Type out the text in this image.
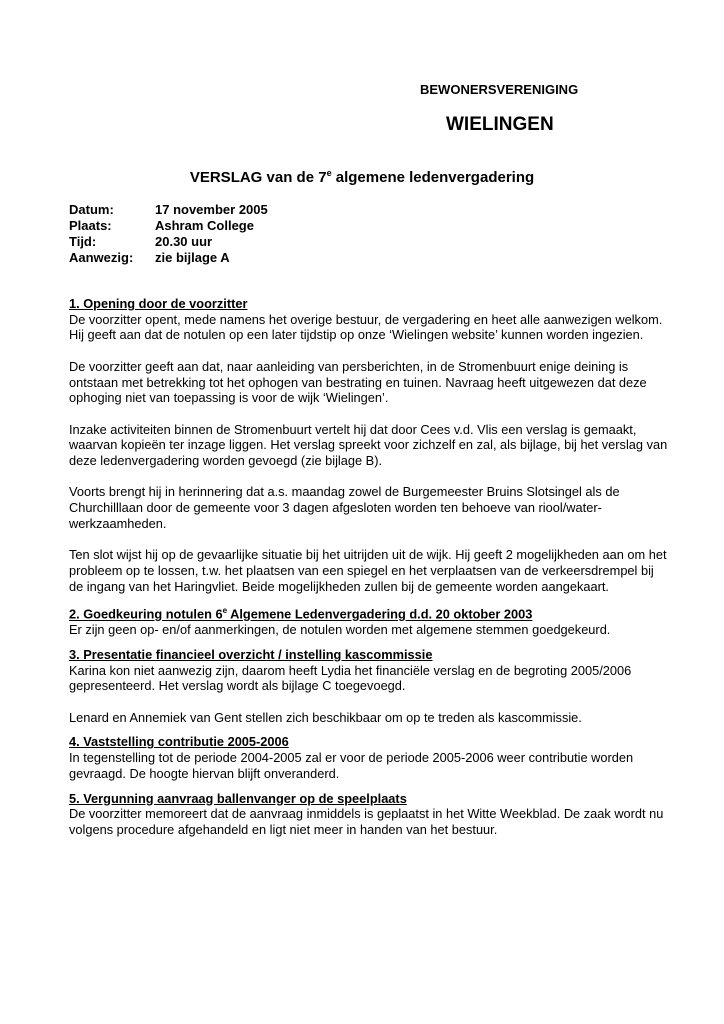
BEWONERSVERENIGING
WIELINGEN
VERSLAG van de 7e algemene ledenvergadering
Datum:	17 november 2005
Plaats:	Ashram College
Tijd:	20.30 uur
Aanwezig:	zie bijlage A
1. Opening door de voorzitter

De voorzitter opent, mede namens het overige bestuur, de vergadering en heet alle aanwezigen welkom. Hij geeft aan dat de notulen op een later tijdstip op onze ‘Wielingen website’ kunnen worden ingezien.

De voorzitter geeft aan dat, naar aanleiding van persberichten, in de Stromenbuurt enige deining is ontstaan met betrekking tot het ophogen van bestrating en tuinen. Navraag heeft uitgewezen dat deze ophoging niet van toepassing is voor de wijk ‘Wielingen’.

Inzake activiteiten binnen de Stromenbuurt vertelt hij dat door Cees v.d. Vlis een verslag is gemaakt, waarvan kopieën ter inzage liggen. Het verslag spreekt voor zichzelf en zal, als bijlage, bij het verslag van deze ledenvergadering worden gevoegd (zie bijlage B).

Voorts brengt hij in herinnering dat a.s. maandag zowel de Burgemeester Bruins Slotsingel als de Churchilllaan door de gemeente voor 3 dagen afgesloten worden ten behoeve van riool/water-werkzaamheden.

Ten slot wijst hij op de gevaarlijke situatie bij het uitrijden uit de wijk. Hij geeft 2 mogelijkheden aan om het probleem op te lossen, t.w. het plaatsen van een spiegel en het verplaatsen van de verkeersdrempel bij de ingang van het Haringvliet. Beide mogelijkheden zullen bij de gemeente worden aangekaart.

2. Goedkeuring notulen 6e Algemene Ledenvergadering d.d. 20 oktober 2003

Er zijn geen op- en/of aanmerkingen, de notulen worden met algemene stemmen goedgekeurd.

3. Presentatie financieel overzicht / instelling kascommissie

Karina kon niet aanwezig zijn, daarom heeft Lydia het financiële verslag en de begroting 2005/2006 gepresenteerd. Het verslag wordt als bijlage C toegevoegd.

Lenard en Annemiek van Gent stellen zich beschikbaar om op te treden als kascommissie.

4. Vaststelling contributie 2005-2006

In tegenstelling tot de periode 2004-2005 zal er voor de periode 2005-2006 weer contributie worden gevraagd. De hoogte hiervan blijft onveranderd.

5. Vergunning aanvraag ballenvanger op de speelplaats

De voorzitter memoreert dat de aanvraag inmiddels is geplaatst in het Witte Weekblad. De zaak wordt nu volgens procedure afgehandeld en ligt niet meer in handen van het bestuur.
